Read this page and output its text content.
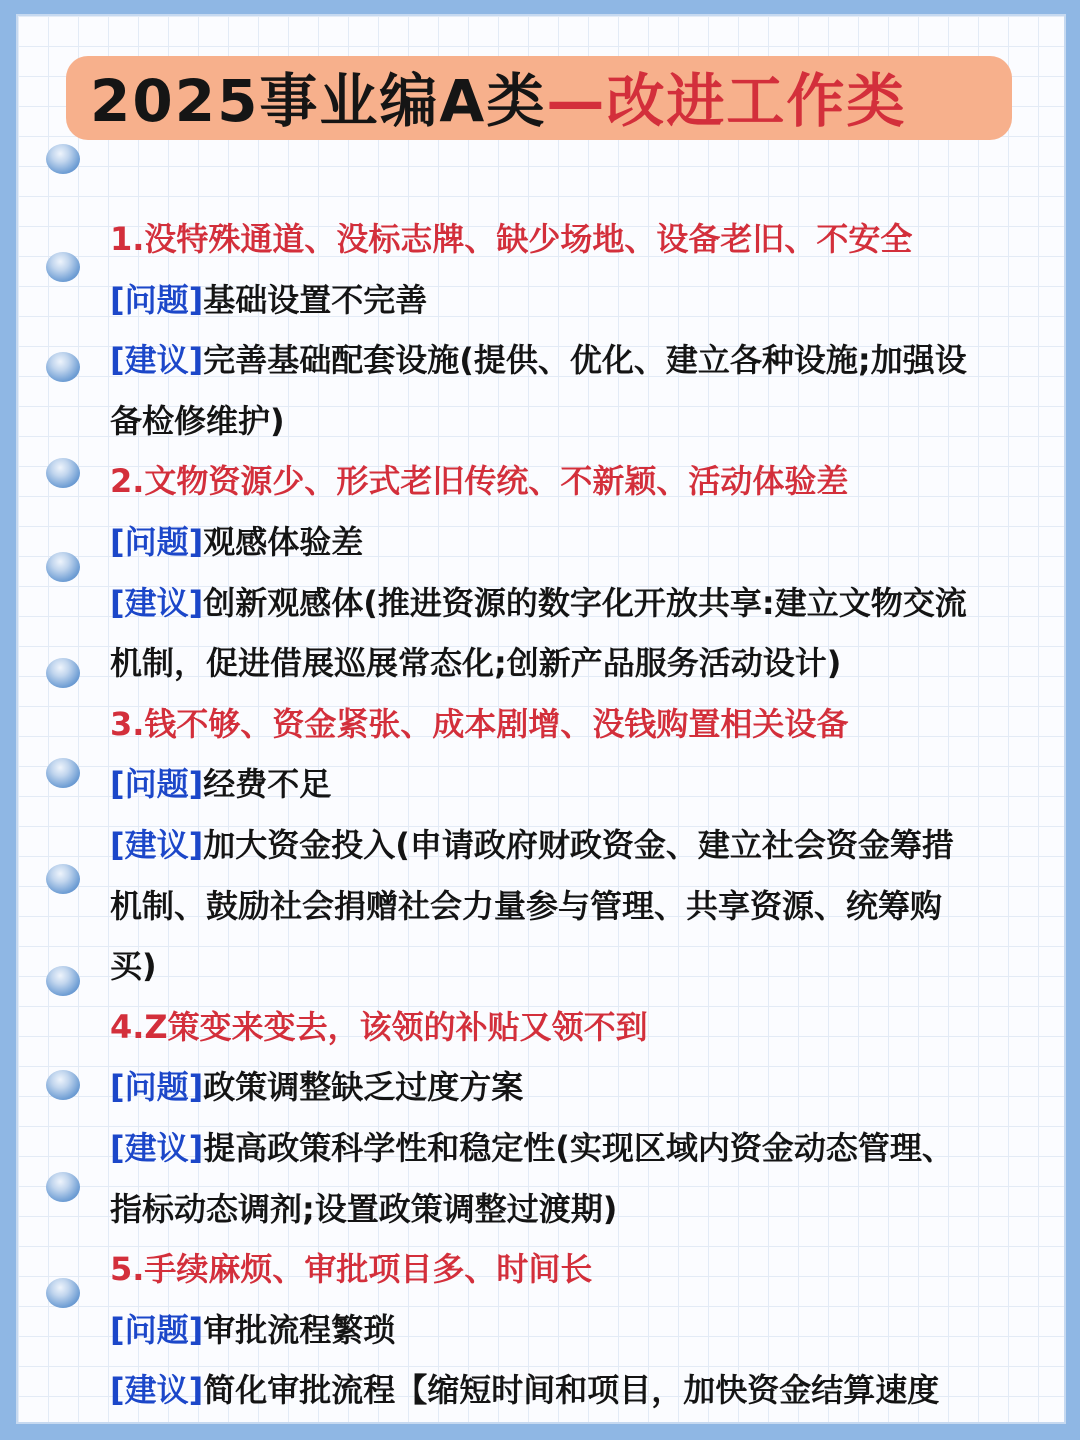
2025事业编A类—改进工作类
1.没特殊通道、没标志牌、缺少场地、设备老旧、不安全
[问题]基础设置不完善
[建议]完善基础配套设施(提供、优化、建立各种设施;加强设
备检修维护)
2.文物资源少、形式老旧传统、不新颖、活动体验差
[问题]观感体验差
[建议]创新观感体(推进资源的数字化开放共享:建立文物交流
机制，促进借展巡展常态化;创新产品服务活动设计)
3.钱不够、资金紧张、成本剧增、没钱购置相关设备
[问题]经费不足
[建议]加大资金投入(申请政府财政资金、建立社会资金筹措
机制、鼓励社会捐赠社会力量参与管理、共享资源、统筹购
买)
4.Z策变来变去，该领的补贴又领不到
[问题]政策调整缺乏过度方案
[建议]提高政策科学性和稳定性(实现区域内资金动态管理、
指标动态调剂;设置政策调整过渡期)
5.手续麻烦、审批项目多、时间长
[问题]审批流程繁琐
[建议]简化审批流程【缩短时间和项目，加快资金结算速度
